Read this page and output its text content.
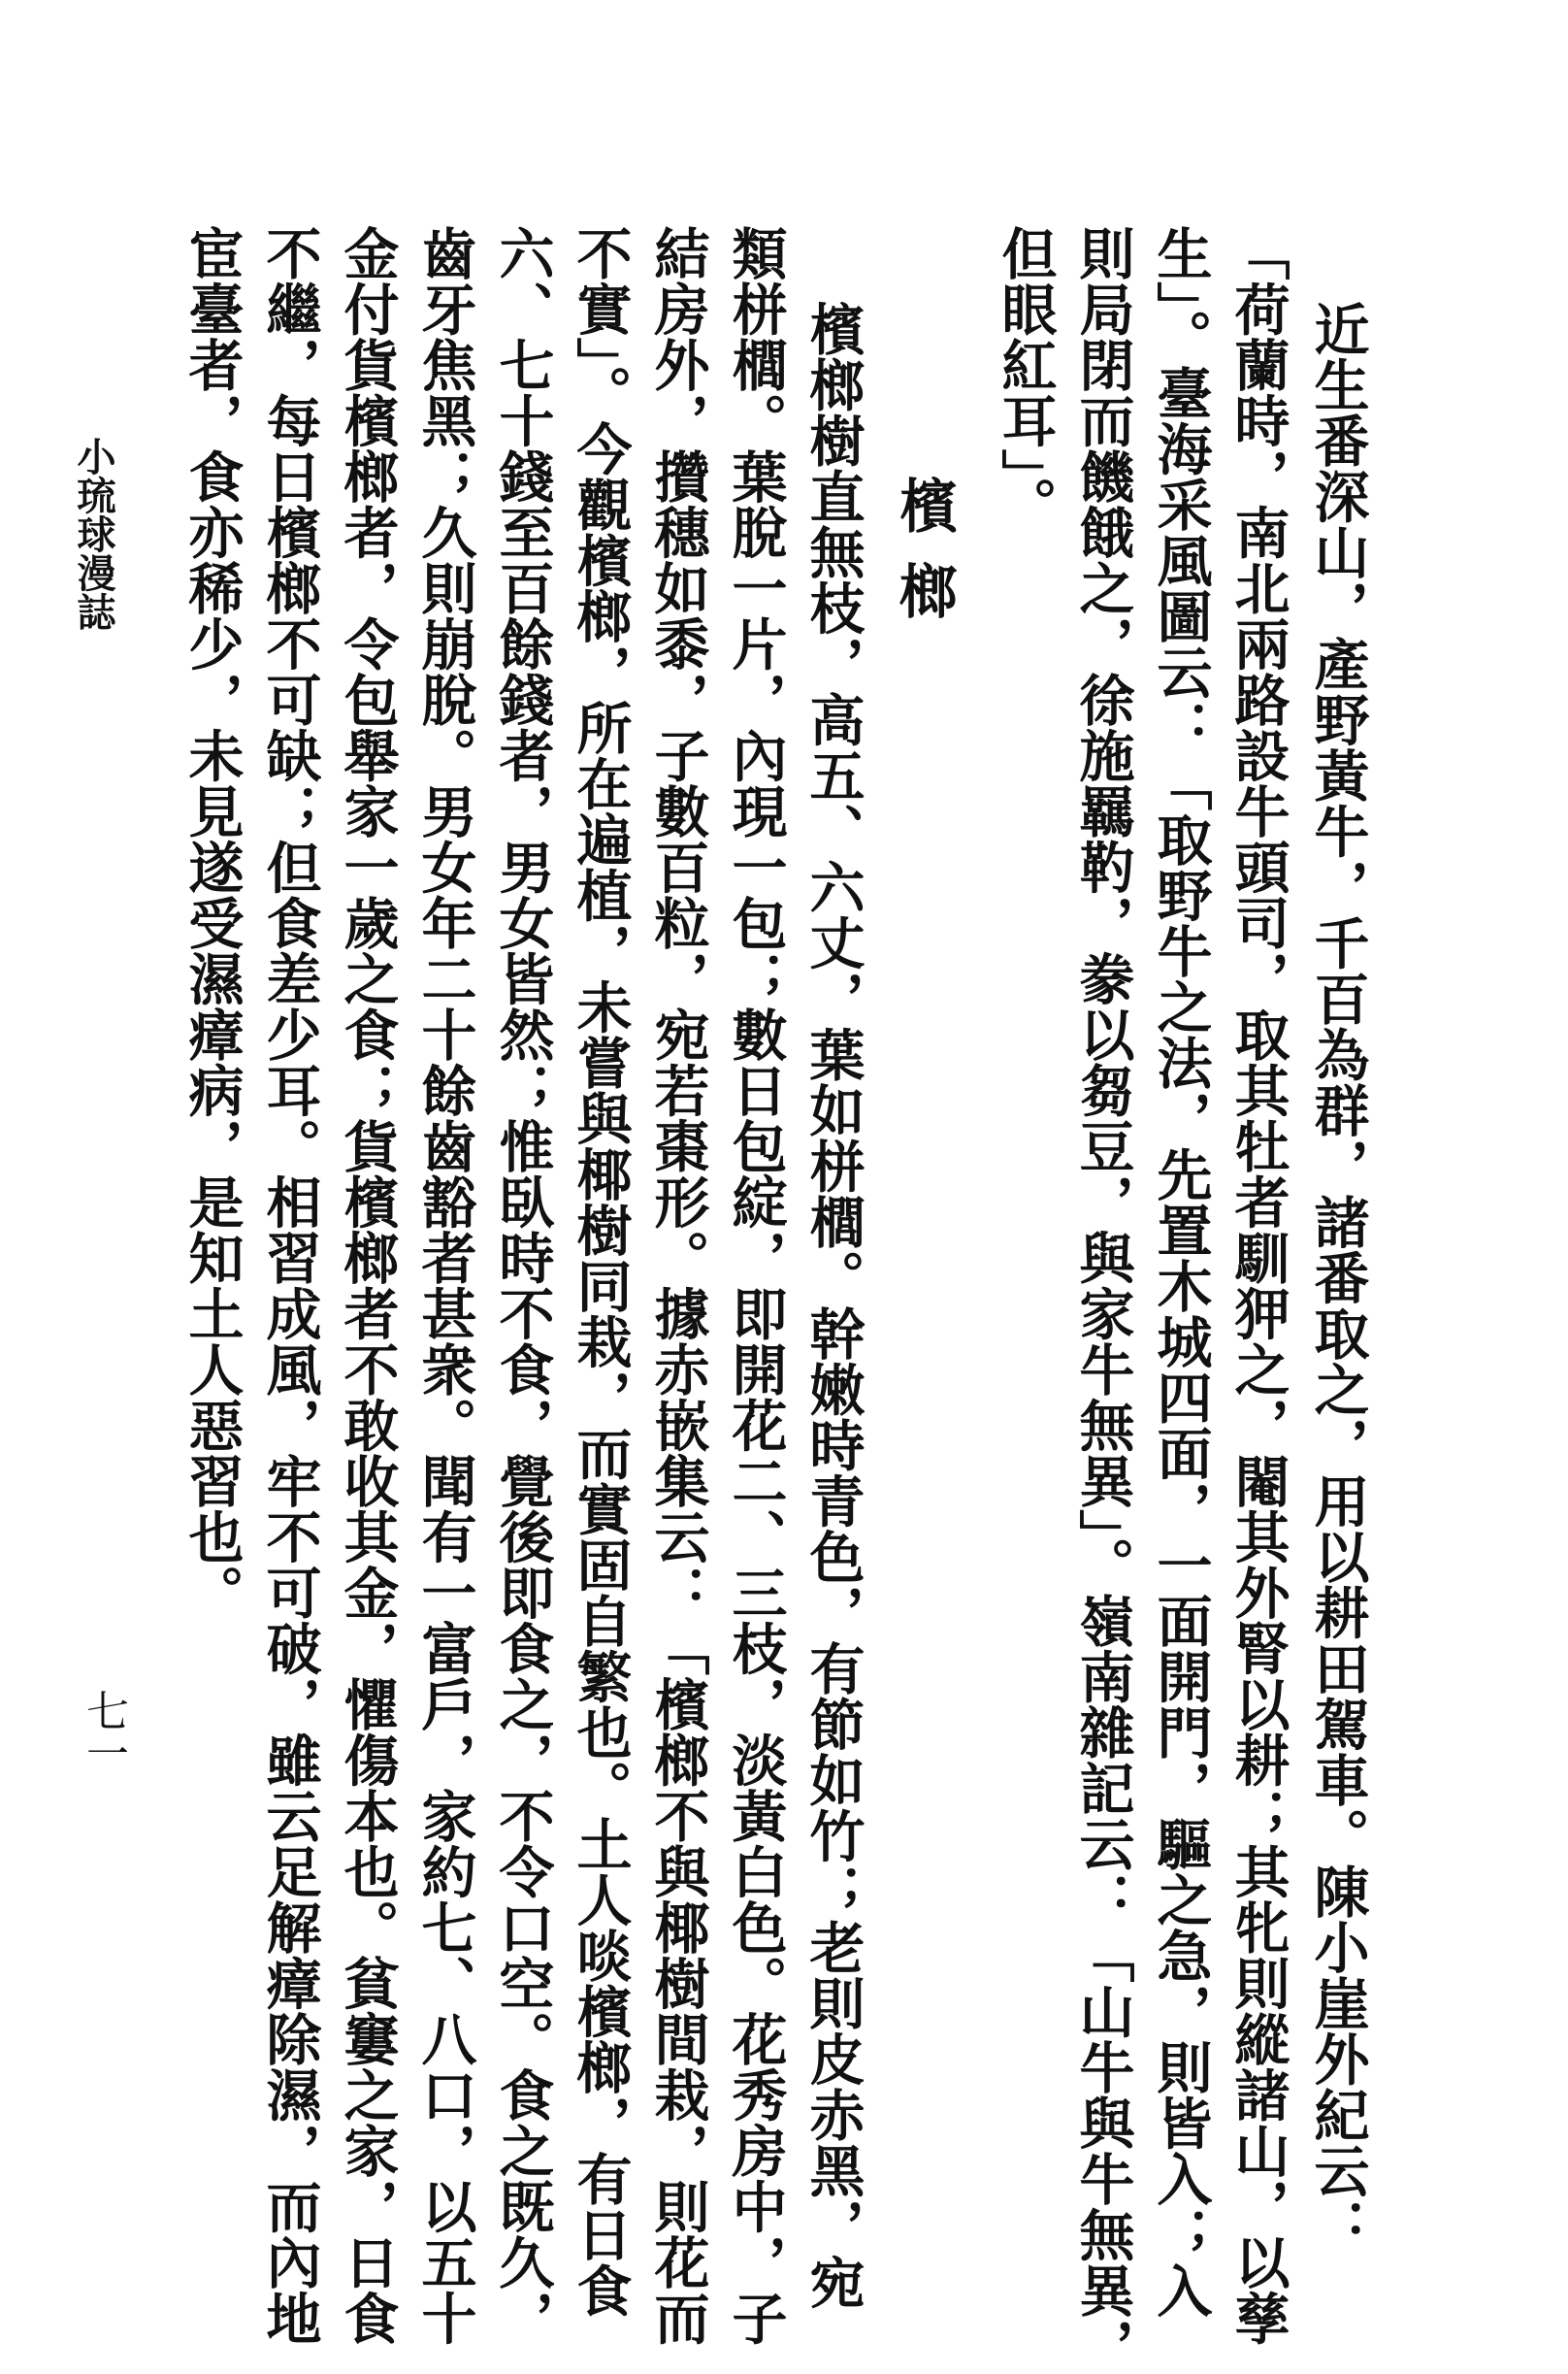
近生番深山，產野黃牛，千百為群，諸番取之，用以耕田駕車。陳小崖外紀云：
「荷蘭時，南北兩路設牛頭司，取其牡者馴狎之，閹其外腎以耕；其牝則縱諸山，以孳
生」。臺海采風圖云：「取野牛之法，先置木城四面，一面開門，驅之急，則皆入；入
則局閉而饑餓之，徐施羈靮，豢以芻豆，與家牛無異」。嶺南雜記云：「山牛與牛無異，
但眼紅耳」。
檳榔
檳榔樹直無枝，高五、六丈，葉如栟櫚。幹嫩時青色，有節如竹；老則皮赤黑，宛
類栟櫚。葉脫一片，內現一包；數日包綻，即開花二、三枝，淡黃白色。花秀房中，子
結房外，攢穗如黍，子數百粒，宛若棗形。據赤嵌集云：「檳榔不與椰樹間栽，則花而
不實」。今觀檳榔，所在遍植，未嘗與椰樹同栽，而實固自繁也。土人啖檳榔，有日食
六、七十錢至百餘錢者，男女皆然；惟臥時不食，覺後即食之，不令口空。食之既久，
齒牙焦黑；久則崩脫。男女年二十餘齒豁者甚衆。聞有一富戶，家約七、八口，以五十
金付貨檳榔者，令包舉家一歲之食；貨檳榔者不敢收其金，懼傷本也。貧窶之家，日食
不繼，每日檳榔不可缺；但食差少耳。相習成風，牢不可破，雖云足解瘴除濕，而內地
宦臺者，食亦稀少，未見遂受濕瘴病，是知土人惡習也。
小琉球漫誌
七一
